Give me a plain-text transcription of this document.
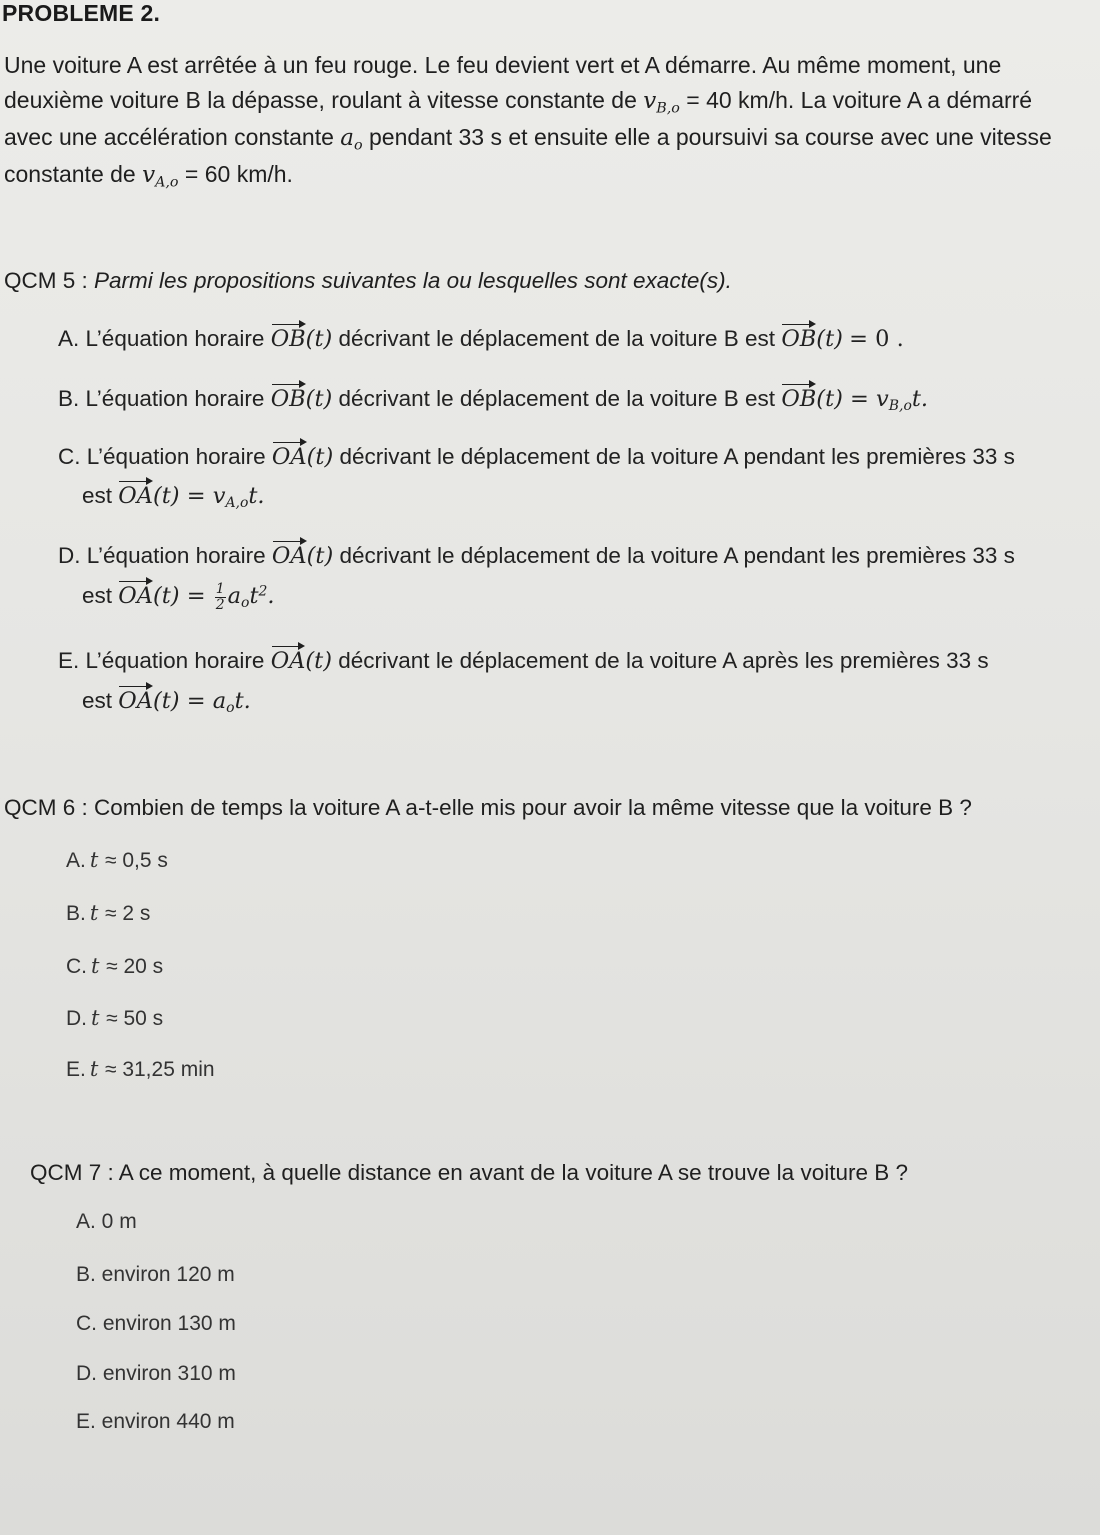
PROBLEME 2.
Une voiture A est arrêtée à un feu rouge. Le feu devient vert et A démarre. Au même moment, une
deuxième voiture B la dépasse, roulant à vitesse constante de $v_{B,o} = 40$ km/h. La voiture A a démarré
avec une accélération constante $a_o$ pendant 33 s et ensuite elle a poursuivi sa course avec une vitesse
constante de $v_{A,o} = 60$ km/h.
QCM 5 : Parmi les propositions suivantes la ou lesquelles sont exacte(s).
A. L’équation horaire OB(t) décrivant le déplacement de la voiture B est OB(t) = 0 .
B. L’équation horaire OB(t) décrivant le déplacement de la voiture B est $OB(t) = v_{B,o}t$.
C. L’équation horaire OA(t) décrivant le déplacement de la voiture A pendant les premières 33 s
est $OA(t) = v_{A,o}t$.
D. L’équation horaire OA(t) décrivant le déplacement de la voiture A pendant les premières 33 s
est $OA(t) = \frac{1}{2} a_ot^2$.
E. L’équation horaire OA(t) décrivant le déplacement de la voiture A après les premières 33 s
est $OA(t) = a_ot$.
QCM 6 : Combien de temps la voiture A a-t-elle mis pour avoir la même vitesse que la voiture B ?
A. t ≈ 0,5 s
B. t ≈ 2 s
C. t ≈ 20 s
D. t ≈ 50 s
E. t ≈ 31,25 min
QCM 7 : A ce moment, à quelle distance en avant de la voiture A se trouve la voiture B ?
A. 0 m
B. environ 120 m
C. environ 130 m
D. environ 310 m
E. environ 440 m
